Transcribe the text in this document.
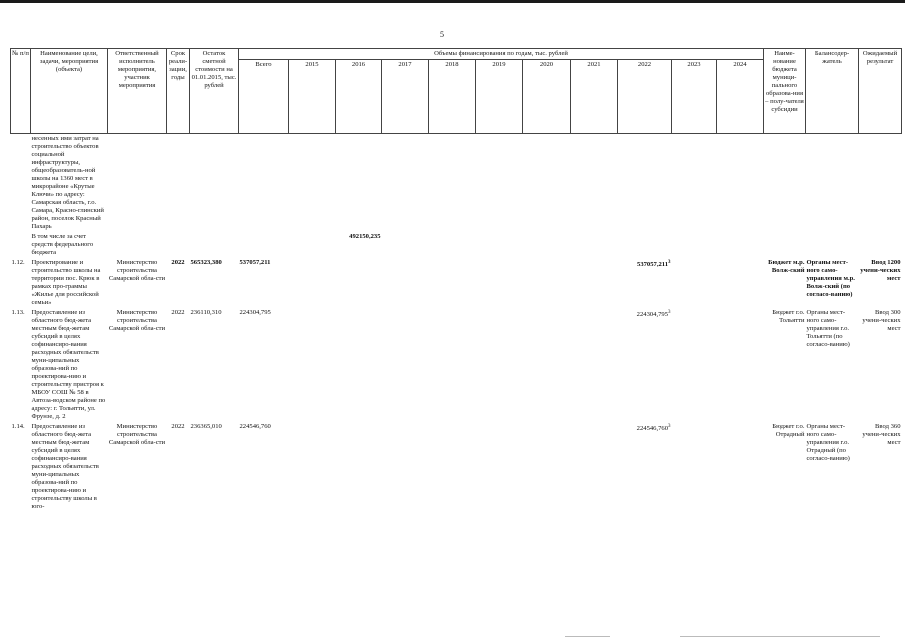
5
№ п/п	Наименование цели, задачи, мероприятия (объекта)	Ответственный исполнитель мероприятия, участник мероприятия	Срок реали-зации, годы	Остаток сметной стоимости на 01.01.2015, тыс. рублей	Объемы финансирования по годам, тыс. рублей											Наиме-нование бюджета муници-пального образова-ния – полу-чателя субсидии	Балансодер-жатель	Ожидаемый результат
					Всего	2015	2016	2017	2018	2019	2020	2021	2022	2023	2024			
	несенных ими затрат на строительство объектов социальной инфраструктуры, общеобразователь-ной школы на 1360 мест в микрорайоне «Крутые Ключи» по адресу: Самарская область, г.о. Самара, Красно-глинский район, поселок Красный Пахарь																	
	В том числе за счет средств федерального бюджета						492150,235											
1.12.	Проектирование и строительство школы на территории пос. Крюк в рамках про-граммы «Жилье для российской семьи»	Министерство строительства Самарской обла-сти	2022	565323,380	537057,211								537057,211$^3$			Бюджет м.р. Волж-ский	Органы мест-ного само-управления м.р. Волж-ский (по согласо-ванию)	Ввод 1200 учени-ческих мест
1.13.	Предоставление из областного бюд-жета местным бюд-жетам субсидий в целях софинансиро-вания расходных обязательств муни-ципальных образова-ний по проектирова-нию и строительству пристроя к МБОУ СОШ № 58 в Автоза-водском районе по адресу: г. Тольятти, ул. Фрунзе, д. 2	Министерство строительства Самарской обла-сти	2022	236110,310	224304,795								224304,795$^3$			Бюджет г.о. Тольятти	Органы мест-ного само-управления г.о. Тольятти (по согласо-ванию)	Ввод 300 учени-ческих мест
1.14.	Предоставление из областного бюд-жета местным бюд-жетам субсидий в целях софинансиро-вания расходных обязательств муни-ципальных образова-ний по проектирова-нию и строительству школы в юго-	Министерство строительства Самарской обла-сти	2022	236365,010	224546,760								224546,760$^3$			Бюджет г.о. Отрадный	Органы мест-ного само-управления г.о. Отрадный (по согласо-ванию)	Ввод 360 учени-ческих мест
